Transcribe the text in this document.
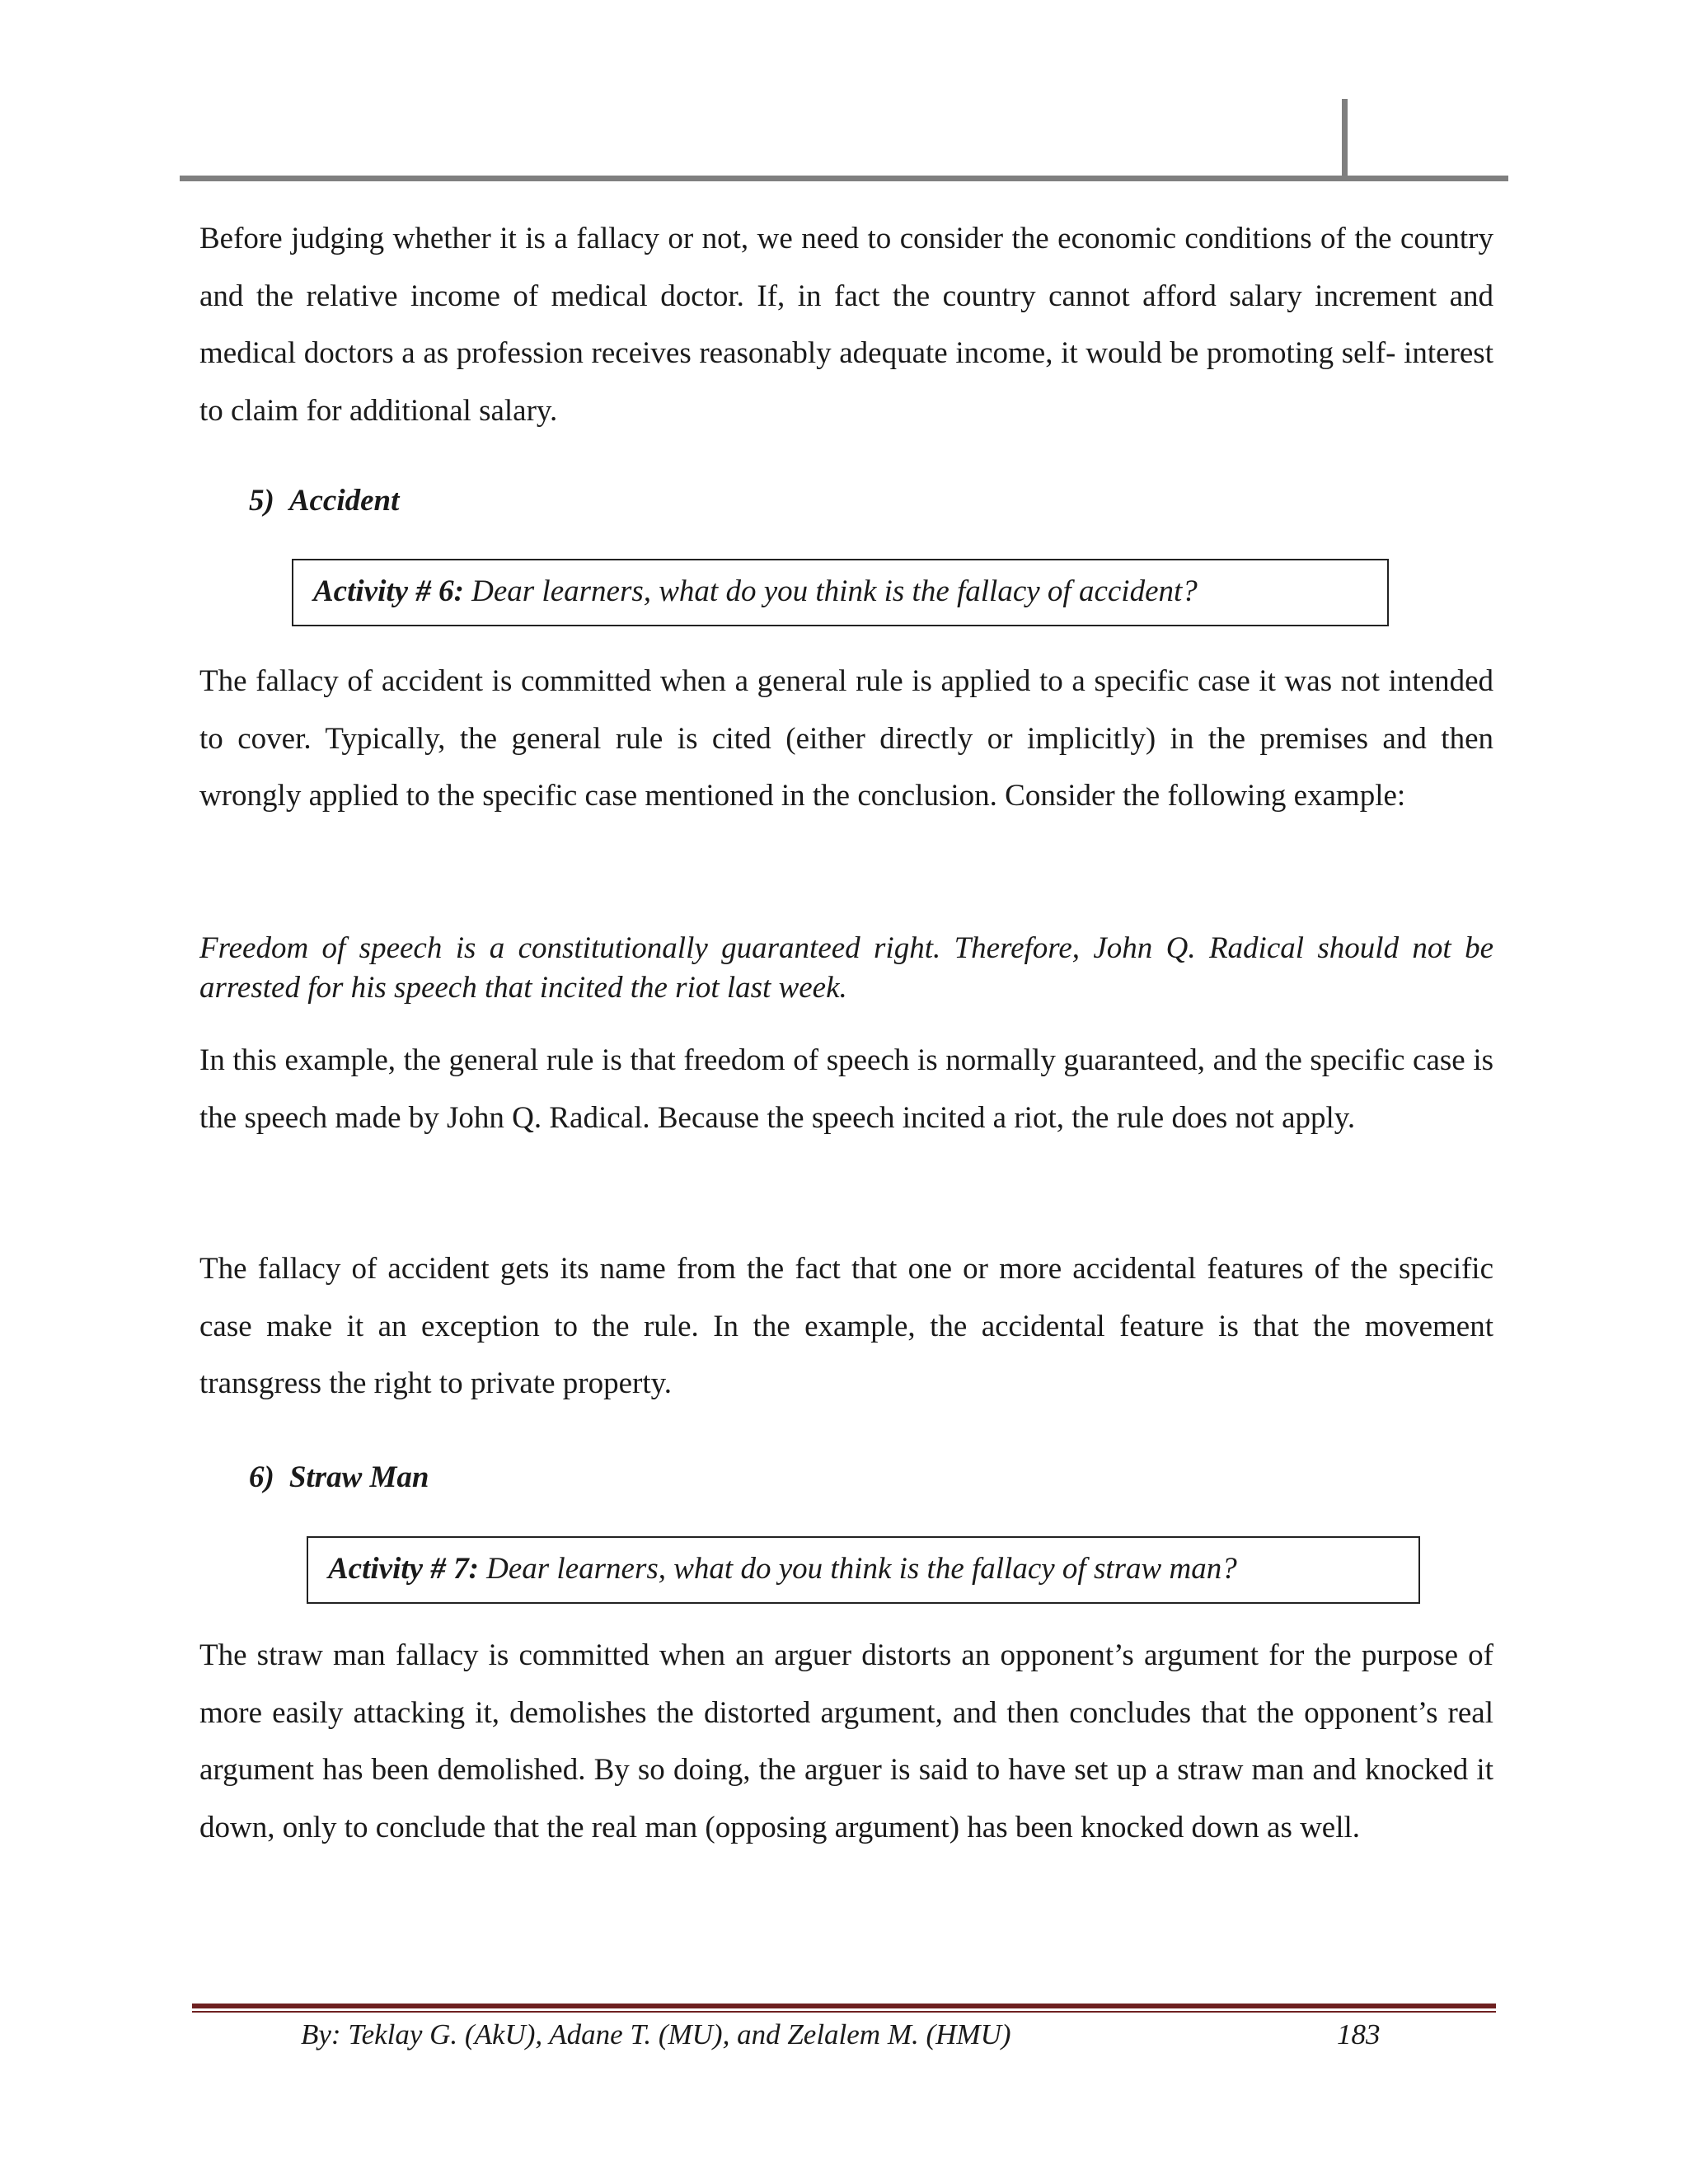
Before judging whether it is a fallacy or not, we need to consider the economic conditions of the country and the relative income of medical doctor. If, in fact the country cannot afford salary increment and medical doctors a as profession receives reasonably adequate income, it would be promoting self- interest to claim for additional salary.

5) Accident
Activity # 6: Dear learners, what do you think is the fallacy of accident?

The fallacy of accident is committed when a general rule is applied to a specific case it was not intended to cover. Typically, the general rule is cited (either directly or implicitly) in the premises and then wrongly applied to the specific case mentioned in the conclusion. Consider the following example:

Freedom of speech is a constitutionally guaranteed right. Therefore, John Q. Radical should not be arrested for his speech that incited the riot last week.

In this example, the general rule is that freedom of speech is normally guaranteed, and the specific case is the speech made by John Q. Radical. Because the speech incited a riot, the rule does not apply.

The fallacy of accident gets its name from the fact that one or more accidental features of the specific case make it an exception to the rule. In the example, the accidental feature is that the movement transgress the right to private property.

6) Straw Man
Activity # 7: Dear learners, what do you think is the fallacy of straw man?

The straw man fallacy is committed when an arguer distorts an opponent’s argument for the purpose of more easily attacking it, demolishes the distorted argument, and then concludes that the opponent’s real argument has been demolished. By so doing, the arguer is said to have set up a straw man and knocked it down, only to conclude that the real man (opposing argument) has been knocked down as well.

By: Teklay G. (AkU), Adane T. (MU), and Zelalem M. (HMU)	183
